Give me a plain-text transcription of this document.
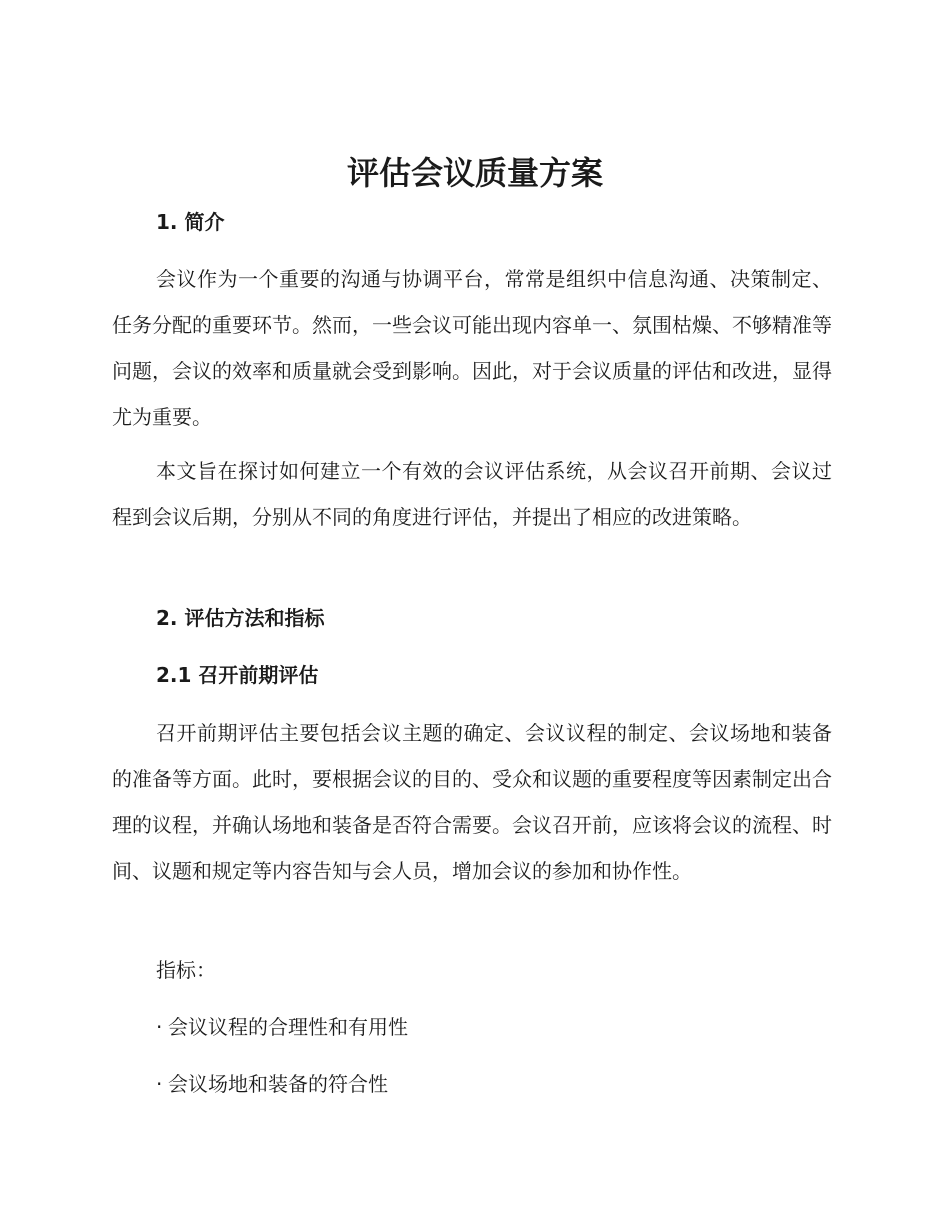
评估会议质量方案
1. 简介

会议作为一个重要的沟通与协调平台，常常是组织中信息沟通、决策制定、任务分配的重要环节。然而，一些会议可能出现内容单一、氛围枯燥、不够精准等问题，会议的效率和质量就会受到影响。因此，对于会议质量的评估和改进，显得尤为重要。

本文旨在探讨如何建立一个有效的会议评估系统，从会议召开前期、会议过程到会议后期，分别从不同的角度进行评估，并提出了相应的改进策略。

2. 评估方法和指标
2.1 召开前期评估

召开前期评估主要包括会议主题的确定、会议议程的制定、会议场地和装备的准备等方面。此时，要根据会议的目的、受众和议题的重要程度等因素制定出合理的议程，并确认场地和装备是否符合需要。会议召开前，应该将会议的流程、时间、议题和规定等内容告知与会人员，增加会议的参加和协作性。

指标：

· 会议议程的合理性和有用性

· 会议场地和装备的符合性
